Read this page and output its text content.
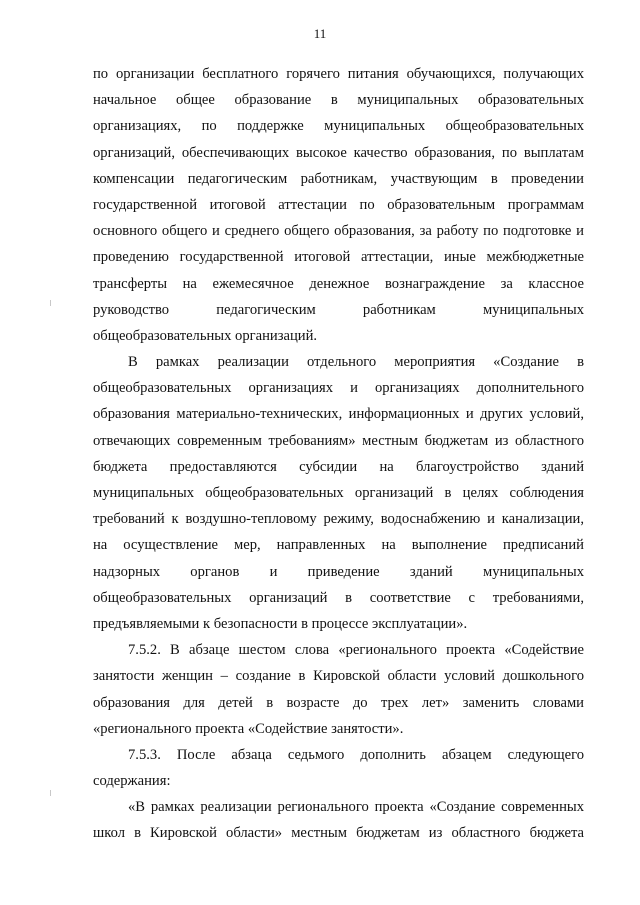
11
по организации бесплатного горячего питания обучающихся, получающих
начальное общее образование в муниципальных образовательных
организациях, по поддержке муниципальных общеобразовательных
организаций, обеспечивающих высокое качество образования, по выплатам
компенсации педагогическим работникам, участвующим в проведении
государственной итоговой аттестации по образовательным программам
основного общего и среднего общего образования, за работу по подготовке и
проведению государственной итоговой аттестации, иные межбюджетные
трансферты на ежемесячное денежное вознаграждение за классное
руководство педагогическим работникам муниципальных
общеобразовательных организаций.
В рамках реализации отдельного мероприятия «Создание в
общеобразовательных организациях и организациях дополнительного
образования материально-технических, информационных и других условий,
отвечающих современным требованиям» местным бюджетам из областного
бюджета предоставляются субсидии на благоустройство зданий
муниципальных общеобразовательных организаций в целях соблюдения
требований к воздушно-тепловому режиму, водоснабжению и канализации,
на осуществление мер, направленных на выполнение предписаний
надзорных органов и приведение зданий муниципальных
общеобразовательных организаций в соответствие с требованиями,
предъявляемыми к безопасности в процессе эксплуатации».
7.5.2. В абзаце шестом слова «регионального проекта «Содействие
занятости женщин – создание в Кировской области условий дошкольного
образования для детей в возрасте до трех лет» заменить словами
«регионального проекта «Содействие занятости».
7.5.3. После абзаца седьмого дополнить абзацем следующего
содержания:
«В рамках реализации регионального проекта «Создание современных
школ в Кировской области» местным бюджетам из областного бюджета
